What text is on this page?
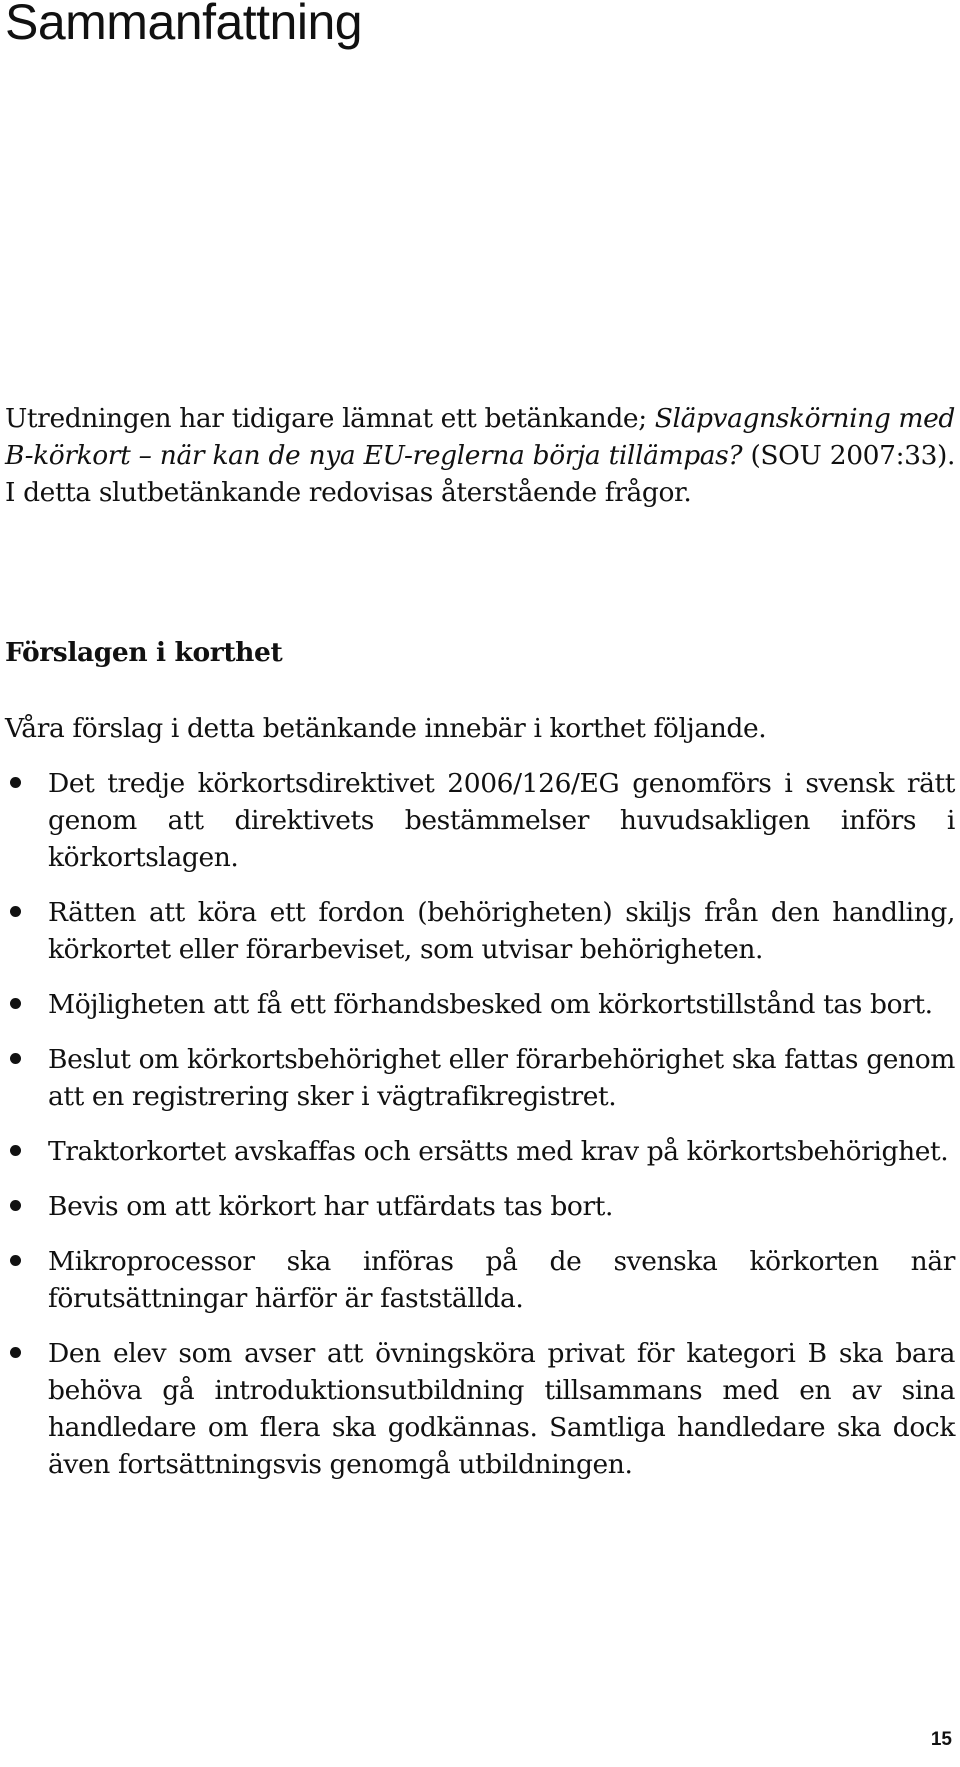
Sammanfattning

Utredningen har tidigare lämnat ett betänkande; Släpvagnskörning med B-körkort – när kan de nya EU-reglerna börja tillämpas? (SOU 2007:33). I detta slutbetänkande redovisas återstående frågor.

Förslagen i korthet

Våra förslag i detta betänkande innebär i korthet följande.

Det tredje körkortsdirektivet 2006/126/EG genomförs i svensk rätt genom att direktivets bestämmelser huvudsakligen införs i körkortslagen.
Rätten att köra ett fordon (behörigheten) skiljs från den handling, körkortet eller förarbeviset, som utvisar behörigheten.
Möjligheten att få ett förhandsbesked om körkortstillstånd tas bort.
Beslut om körkortsbehörighet eller förarbehörighet ska fattas genom att en registrering sker i vägtrafikregistret.
Traktorkortet avskaffas och ersätts med krav på körkortsbehörighet.
Bevis om att körkort har utfärdats tas bort.
Mikroprocessor ska införas på de svenska körkorten när förutsättningar härför är fastställda.
Den elev som avser att övningsköra privat för kategori B ska bara behöva gå introduktionsutbildning tillsammans med en av sina handledare om flera ska godkännas. Samtliga handledare ska dock även fortsättningsvis genomgå utbildningen.
15
